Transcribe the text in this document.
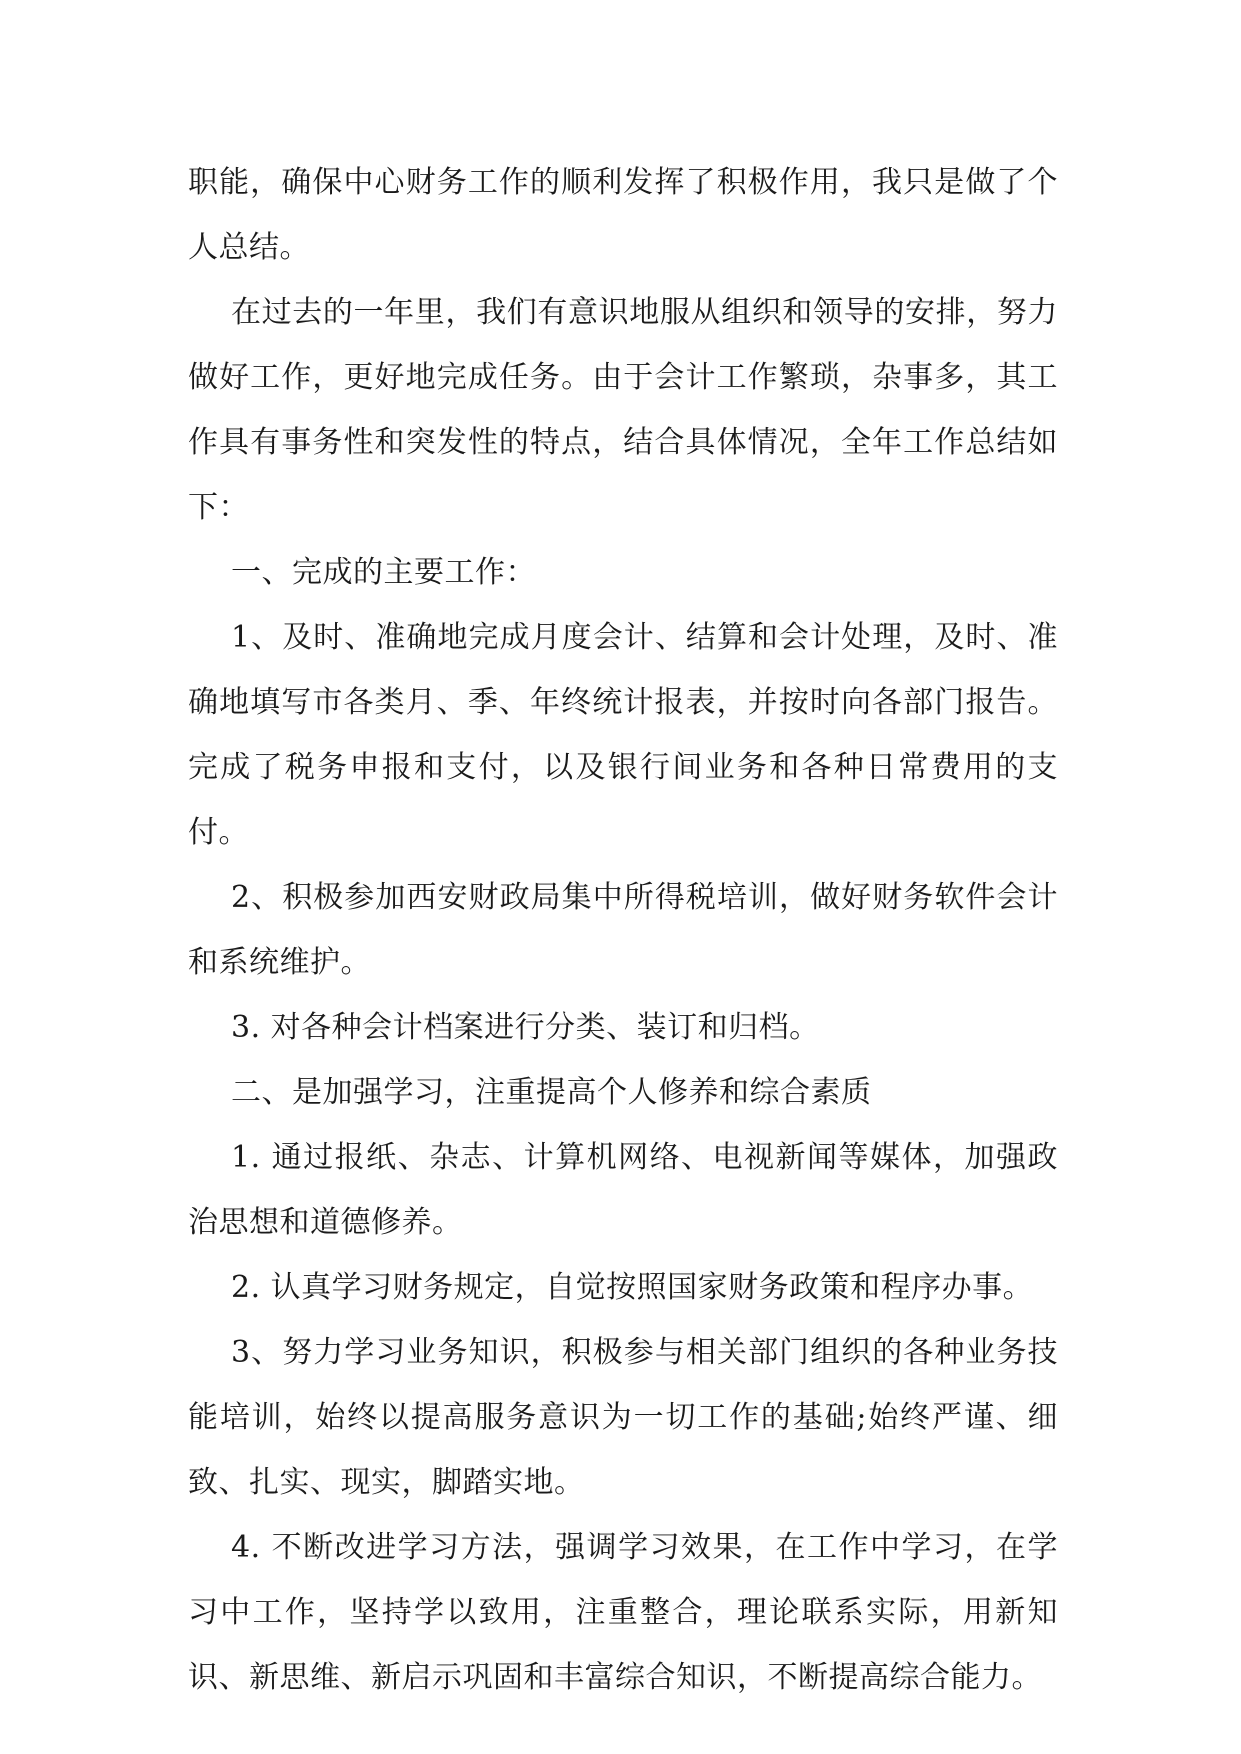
职能，确保中心财务工作的顺利发挥了积极作用，我只是做了个人总结。

在过去的一年里，我们有意识地服从组织和领导的安排，努力做好工作，更好地完成任务。由于会计工作繁琐，杂事多，其工作具有事务性和突发性的特点，结合具体情况，全年工作总结如下：

一、完成的主要工作：

1、及时、准确地完成月度会计、结算和会计处理，及时、准确地填写市各类月、季、年终统计报表，并按时向各部门报告。完成了税务申报和支付，以及银行间业务和各种日常费用的支付。

2、积极参加西安财政局集中所得税培训，做好财务软件会计和系统维护。

3. 对各种会计档案进行分类、装订和归档。

二、是加强学习，注重提高个人修养和综合素质

1. 通过报纸、杂志、计算机网络、电视新闻等媒体，加强政治思想和道德修养。

2. 认真学习财务规定，自觉按照国家财务政策和程序办事。

3、努力学习业务知识，积极参与相关部门组织的各种业务技能培训，始终以提高服务意识为一切工作的基础;始终严谨、细致、扎实、现实，脚踏实地。

4. 不断改进学习方法，强调学习效果，在工作中学习，在学习中工作，坚持学以致用，注重整合，理论联系实际，用新知识、新思维、新启示巩固和丰富综合知识，不断提高综合能力。
